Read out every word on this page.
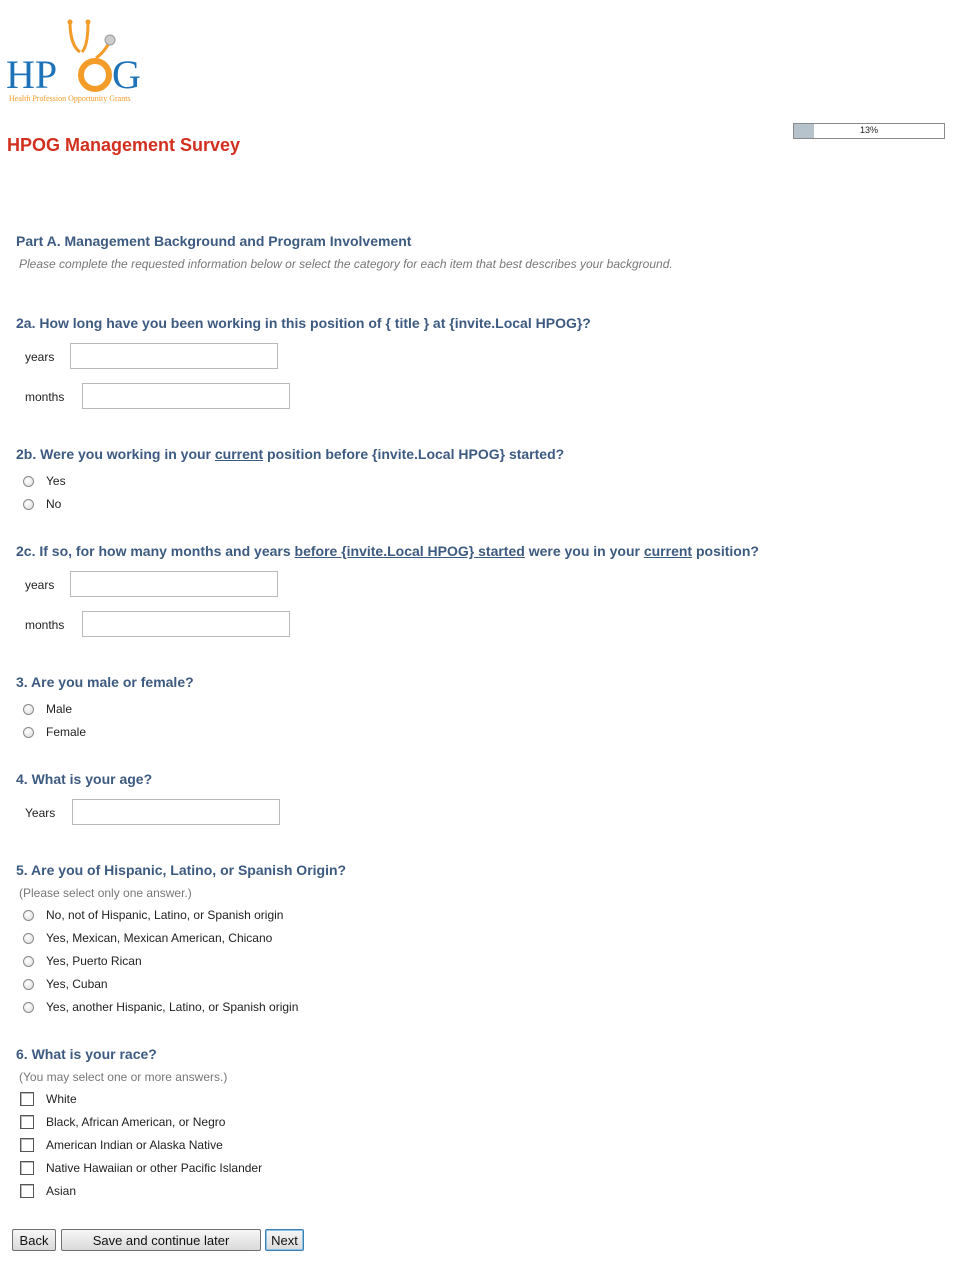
HP G
Health Profession Opportunity Grants
HPOG Management Survey
13%
Part A. Management Background and Program Involvement
Please complete the requested information below or select the category for each item that best describes your background.
2a. How long have you been working in this position of { title } at {invite.Local HPOG}?
years
months
2b. Were you working in your current position before {invite.Local HPOG} started?
Yes
No
2c. If so, for how many months and years before {invite.Local HPOG} started were you in your current position?
years
months
3. Are you male or female?
Male
Female
4. What is your age?
Years
5. Are you of Hispanic, Latino, or Spanish Origin?
(Please select only one answer.)
No, not of Hispanic, Latino, or Spanish origin
Yes, Mexican, Mexican American, Chicano
Yes, Puerto Rican
Yes, Cuban
Yes, another Hispanic, Latino, or Spanish origin
6. What is your race?
(You may select one or more answers.)
White
Black, African American, or Negro
American Indian or Alaska Native
Native Hawaiian or other Pacific Islander
Asian
Back	Save and continue later	Next
